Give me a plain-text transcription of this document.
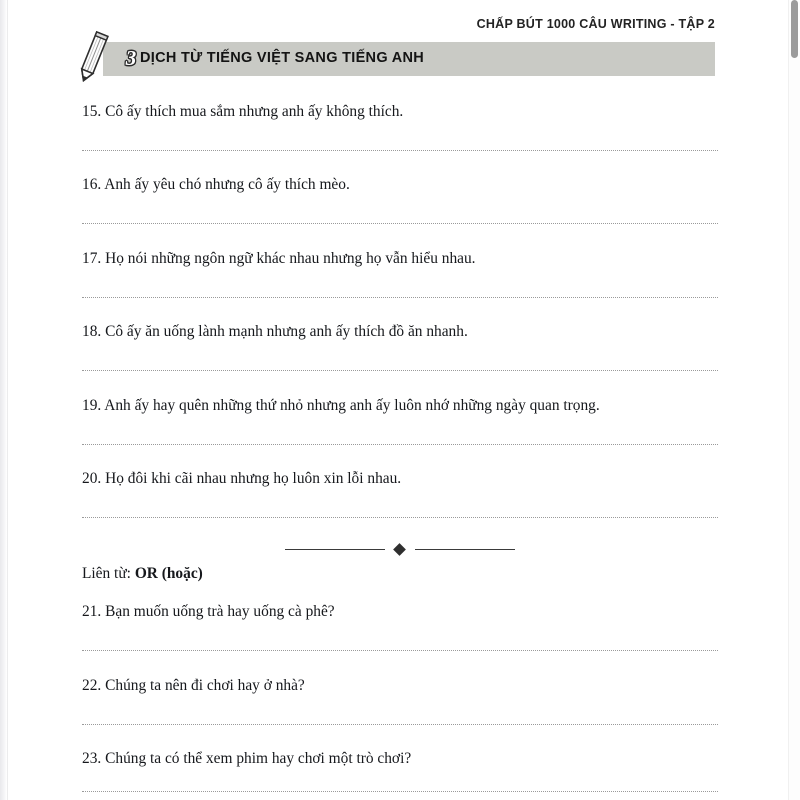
CHẤP BÚT 1000 CÂU WRITING - TẬP 2
3 DỊCH TỪ TIẾNG VIỆT SANG TIẾNG ANH
15. Cô ấy thích mua sắm nhưng anh ấy không thích.
16. Anh ấy yêu chó nhưng cô ấy thích mèo.
17. Họ nói những ngôn ngữ khác nhau nhưng họ vẫn hiểu nhau.
18. Cô ấy ăn uống lành mạnh nhưng anh ấy thích đồ ăn nhanh.
19. Anh ấy hay quên những thứ nhỏ nhưng anh ấy luôn nhớ những ngày quan trọng.
20. Họ đôi khi cãi nhau nhưng họ luôn xin lỗi nhau.
Liên từ: OR (hoặc)
21. Bạn muốn uống trà hay uống cà phê?
22. Chúng ta nên đi chơi hay ở nhà?
23. Chúng ta có thể xem phim hay chơi một trò chơi?
